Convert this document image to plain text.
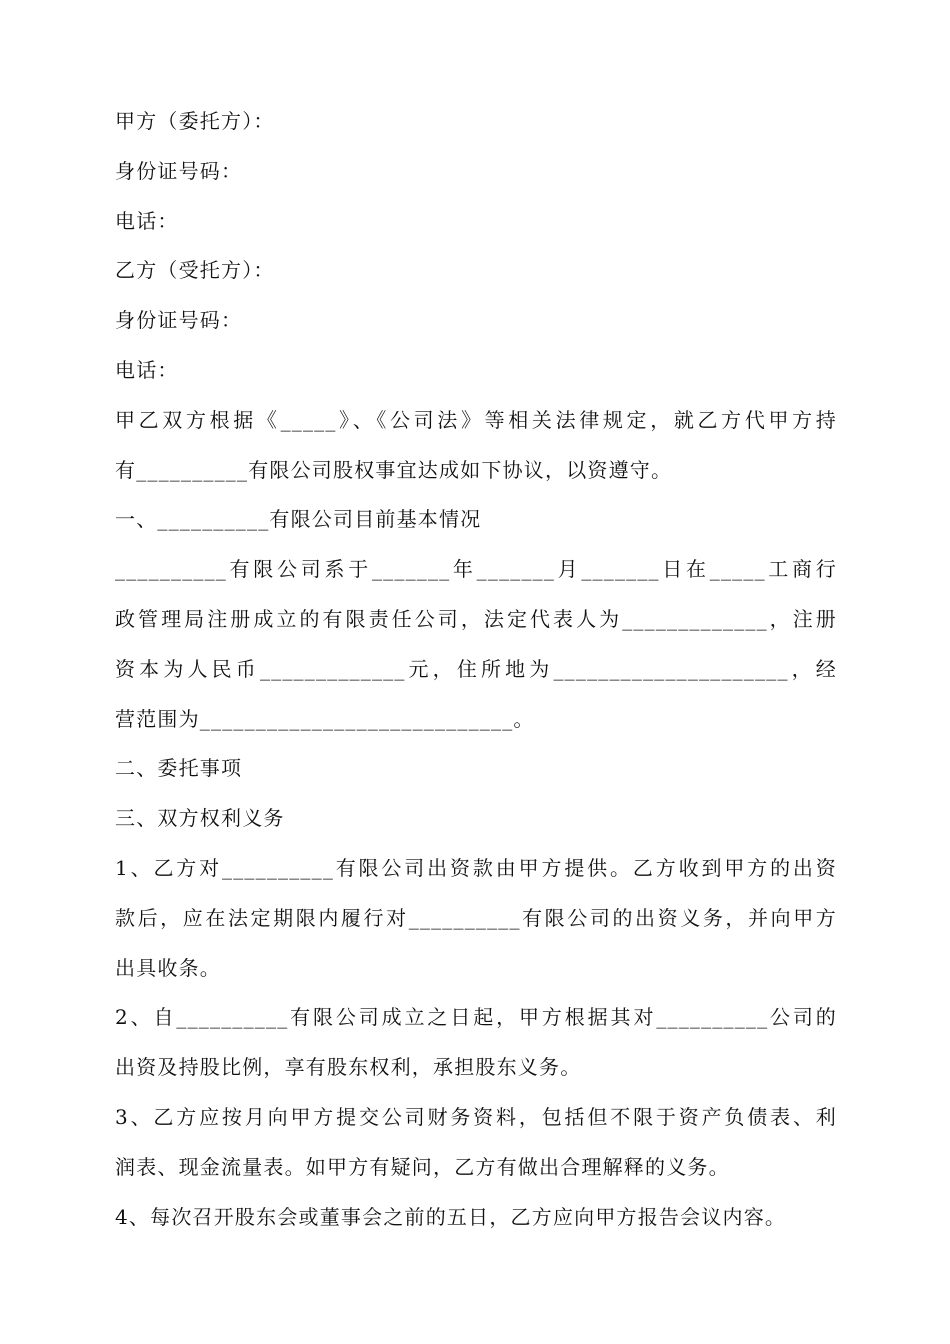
甲方（委托方）：
身份证号码：
电话：
乙方（受托方）：
身份证号码：
电话：
甲乙双方根据《_____》、《公司法》等相关法律规定，就乙方代甲方持
有__________有限公司股权事宜达成如下协议，以资遵守。
一、__________有限公司目前基本情况
__________有限公司系于_______年_______月_______日在_____工商行
政管理局注册成立的有限责任公司，法定代表人为_____________，注册
资本为人民币_____________元，住所地为_____________________，经
营范围为____________________________。
二、委托事项
三、双方权利义务
1、乙方对__________有限公司出资款由甲方提供。乙方收到甲方的出资
款后，应在法定期限内履行对__________有限公司的出资义务，并向甲方
出具收条。
2、自__________有限公司成立之日起，甲方根据其对__________公司的
出资及持股比例，享有股东权利，承担股东义务。
3、乙方应按月向甲方提交公司财务资料，包括但不限于资产负债表、利
润表、现金流量表。如甲方有疑问，乙方有做出合理解释的义务。
4、每次召开股东会或董事会之前的五日，乙方应向甲方报告会议内容。
